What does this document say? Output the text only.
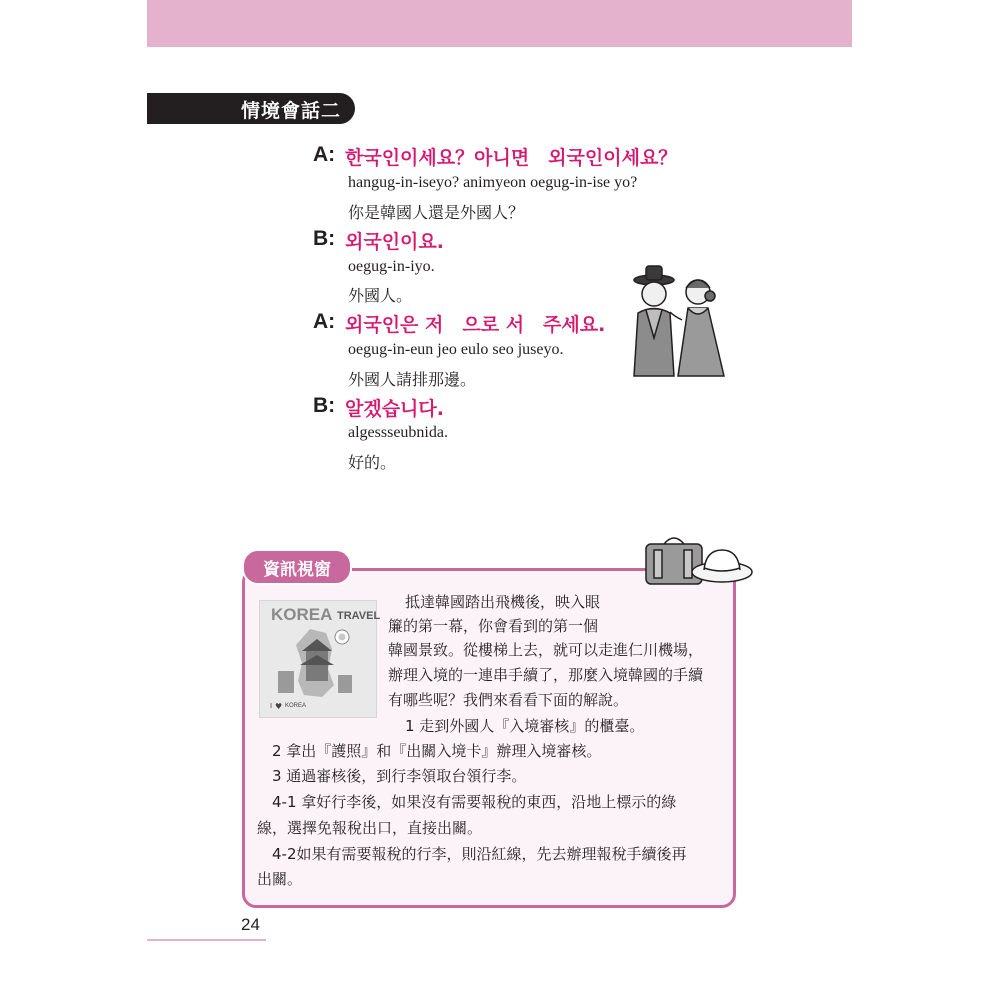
情境會話二
A: 한국인이세요？아니면　외국인이세요？
hangug-in-iseyo? animyeon oegug-in-ise yo?
你是韓國人還是外國人？
B: 외국인이요.
oegug-in-iyo.
外國人。
A: 외국인은 저　으로 서　주세요.
oegug-in-eun jeo eulo seo juseyo.
外國人請排那邊。
B: 알겠습니다.
algessseubnida.
好的。
資訊視窗
KOREA TRAVEL
I ♥ KOREA
抵達韓國踏出飛機後，映入眼
簾的第一幕，你會看到的第一個
韓國景致。從樓梯上去，就可以走進仁川機場，
辦理入境的一連串手續了，那麼入境韓國的手續
有哪些呢？我們來看看下面的解說。
1 走到外國人『入境審核』的櫃臺。
2 拿出『護照』和『出關入境卡』辦理入境審核。
3 通過審核後，到行李領取台領行李。
4-1 拿好行李後，如果沒有需要報稅的東西，沿地上標示的綠
線，選擇免報稅出口，直接出關。
4-2如果有需要報稅的行李，則沿紅線，先去辦理報稅手續後再
出關。
24
